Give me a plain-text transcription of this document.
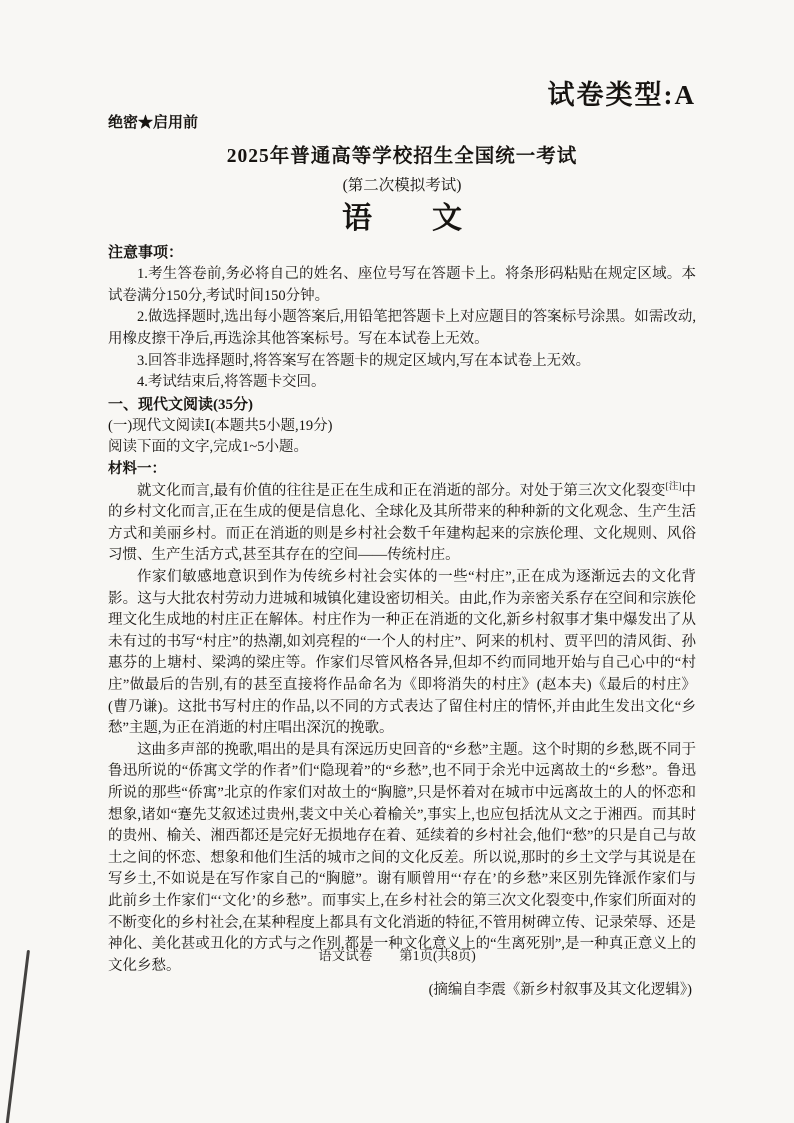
试卷类型:A
绝密★启用前
2025年普通高等学校招生全国统一考试
(第二次模拟考试)
语　　文
注意事项：

1.考生答卷前,务必将自己的姓名、座位号写在答题卡上。将条形码粘贴在规定区域。本试卷满分150分,考试时间150分钟。

2.做选择题时,选出每小题答案后,用铅笔把答题卡上对应题目的答案标号涂黑。如需改动,用橡皮擦干净后,再选涂其他答案标号。写在本试卷上无效。

3.回答非选择题时,将答案写在答题卡的规定区域内,写在本试卷上无效。

4.考试结束后,将答题卡交回。

一、现代文阅读(35分)

(一)现代文阅读Ⅰ(本题共5小题,19分)

阅读下面的文字,完成1~5小题。

材料一：

就文化而言,最有价值的往往是正在生成和正在消逝的部分。对处于第三次文化裂变[注]中的乡村文化而言,正在生成的便是信息化、全球化及其所带来的种种新的文化观念、生产生活方式和美丽乡村。而正在消逝的则是乡村社会数千年建构起来的宗族伦理、文化规则、风俗习惯、生产生活方式,甚至其存在的空间——传统村庄。

作家们敏感地意识到作为传统乡村社会实体的一些“村庄”,正在成为逐渐远去的文化背影。这与大批农村劳动力进城和城镇化建设密切相关。由此,作为亲密关系存在空间和宗族伦理文化生成地的村庄正在解体。村庄作为一种正在消逝的文化,新乡村叙事才集中爆发出了从未有过的书写“村庄”的热潮,如刘亮程的“一个人的村庄”、阿来的机村、贾平凹的清风街、孙惠芬的上塘村、梁鸿的梁庄等。作家们尽管风格各异,但却不约而同地开始与自己心中的“村庄”做最后的告别,有的甚至直接将作品命名为《即将消失的村庄》(赵本夫)《最后的村庄》(曹乃谦)。这批书写村庄的作品,以不同的方式表达了留住村庄的情怀,并由此生发出文化“乡愁”主题,为正在消逝的村庄唱出深沉的挽歌。

这曲多声部的挽歌,唱出的是具有深远历史回音的“乡愁”主题。这个时期的乡愁,既不同于鲁迅所说的“侨寓文学的作者”们“隐现着”的“乡愁”,也不同于余光中远离故土的“乡愁”。鲁迅所说的那些“侨寓”北京的作家们对故土的“胸臆”,只是怀着对在城市中远离故土的人的怀恋和想象,诸如“蹇先艾叙述过贵州,裴文中关心着榆关”,事实上,也应包括沈从文之于湘西。而其时的贵州、榆关、湘西都还是完好无损地存在着、延续着的乡村社会,他们“愁”的只是自己与故土之间的怀恋、想象和他们生活的城市之间的文化反差。所以说,那时的乡土文学与其说是在写乡土,不如说是在写作家自己的“胸臆”。谢有顺曾用“‘存在’的乡愁”来区别先锋派作家们与此前乡土作家们“‘文化’的乡愁”。而事实上,在乡村社会的第三次文化裂变中,作家们所面对的不断变化的乡村社会,在某种程度上都具有文化消逝的特征,不管用树碑立传、记录荣辱、还是神化、美化甚或丑化的方式与之作别,都是一种文化意义上的“生离死别”,是一种真正意义上的文化乡愁。

(摘编自李震《新乡村叙事及其文化逻辑》)
语文试卷　　第1页(共8页)
